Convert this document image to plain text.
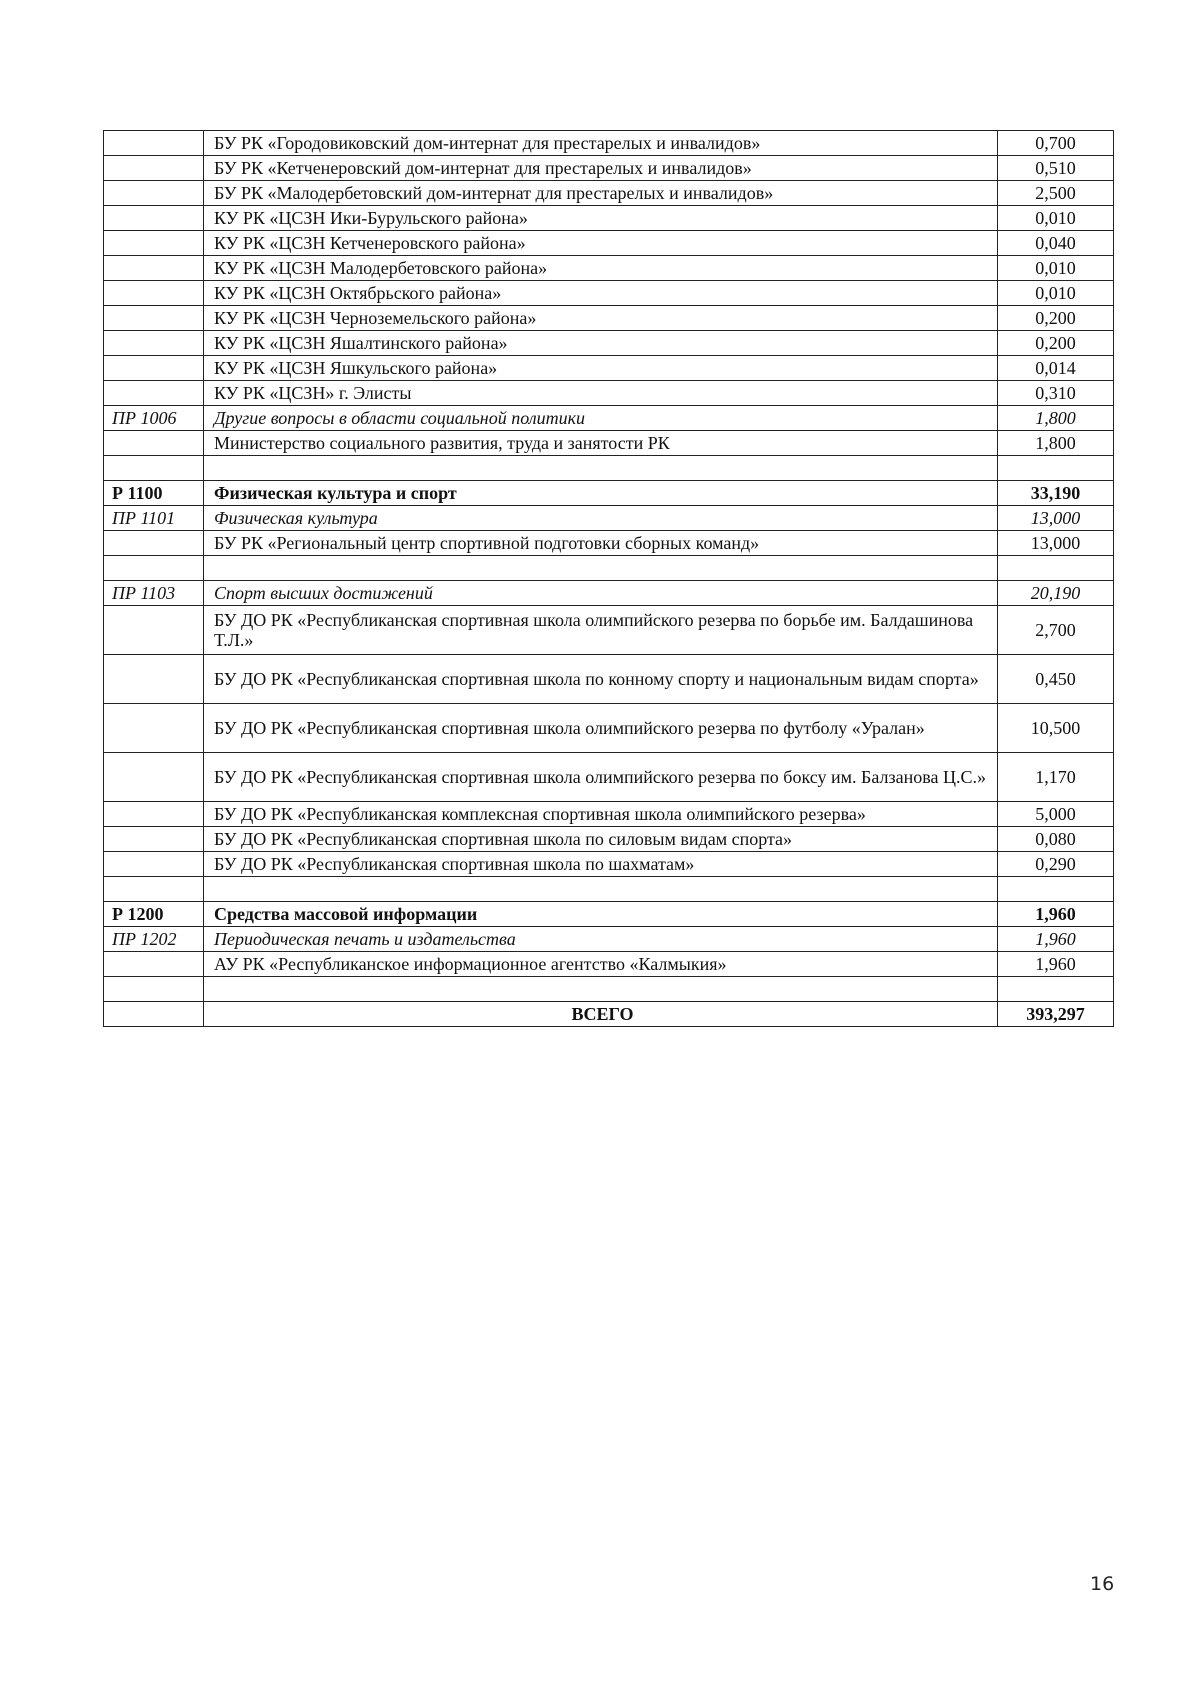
	БУ РК «Городовиковский дом-интернат для престарелых и инвалидов»	0,700
	БУ РК «Кетченеровский дом-интернат для престарелых и инвалидов»	0,510
	БУ РК «Малодербетовский дом-интернат для престарелых и инвалидов»	2,500
	КУ РК «ЦСЗН Ики-Бурульского района»	0,010
	КУ РК «ЦСЗН Кетченеровского района»	0,040
	КУ РК «ЦСЗН Малодербетовского района»	0,010
	КУ РК «ЦСЗН Октябрьского района»	0,010
	КУ РК «ЦСЗН Черноземельского района»	0,200
	КУ РК «ЦСЗН Яшалтинского района»	0,200
	КУ РК «ЦСЗН Яшкульского района»	0,014
	КУ РК «ЦСЗН» г. Элисты	0,310
ПР 1006	Другие вопросы в области социальной политики	1,800
	Министерство социального развития, труда и занятости РК	1,800

Р 1100	Физическая культура и спорт	33,190
ПР 1101	Физическая культура	13,000
	БУ РК «Региональный центр спортивной подготовки сборных команд»	13,000

ПР 1103	Спорт высших достижений	20,190
	БУ ДО РК «Республиканская спортивная школа олимпийского резерва по борьбе им. Балдашинова Т.Л.»	2,700
	БУ ДО РК «Республиканская спортивная школа по конному спорту и национальным видам спорта»	0,450
	БУ ДО РК «Республиканская спортивная школа олимпийского резерва по футболу «Уралан»	10,500
	БУ ДО РК «Республиканская спортивная школа олимпийского резерва по боксу им. Балзанова Ц.С.»	1,170
	БУ ДО РК «Республиканская комплексная спортивная школа олимпийского резерва»	5,000
	БУ ДО РК «Республиканская спортивная школа по силовым видам спорта»	0,080
	БУ ДО РК «Республиканская спортивная школа по шахматам»	0,290

Р 1200	Средства массовой информации	1,960
ПР 1202	Периодическая печать и издательства	1,960
	АУ РК «Республиканское информационное агентство «Калмыкия»	1,960

	ВСЕГО	393,297
16
